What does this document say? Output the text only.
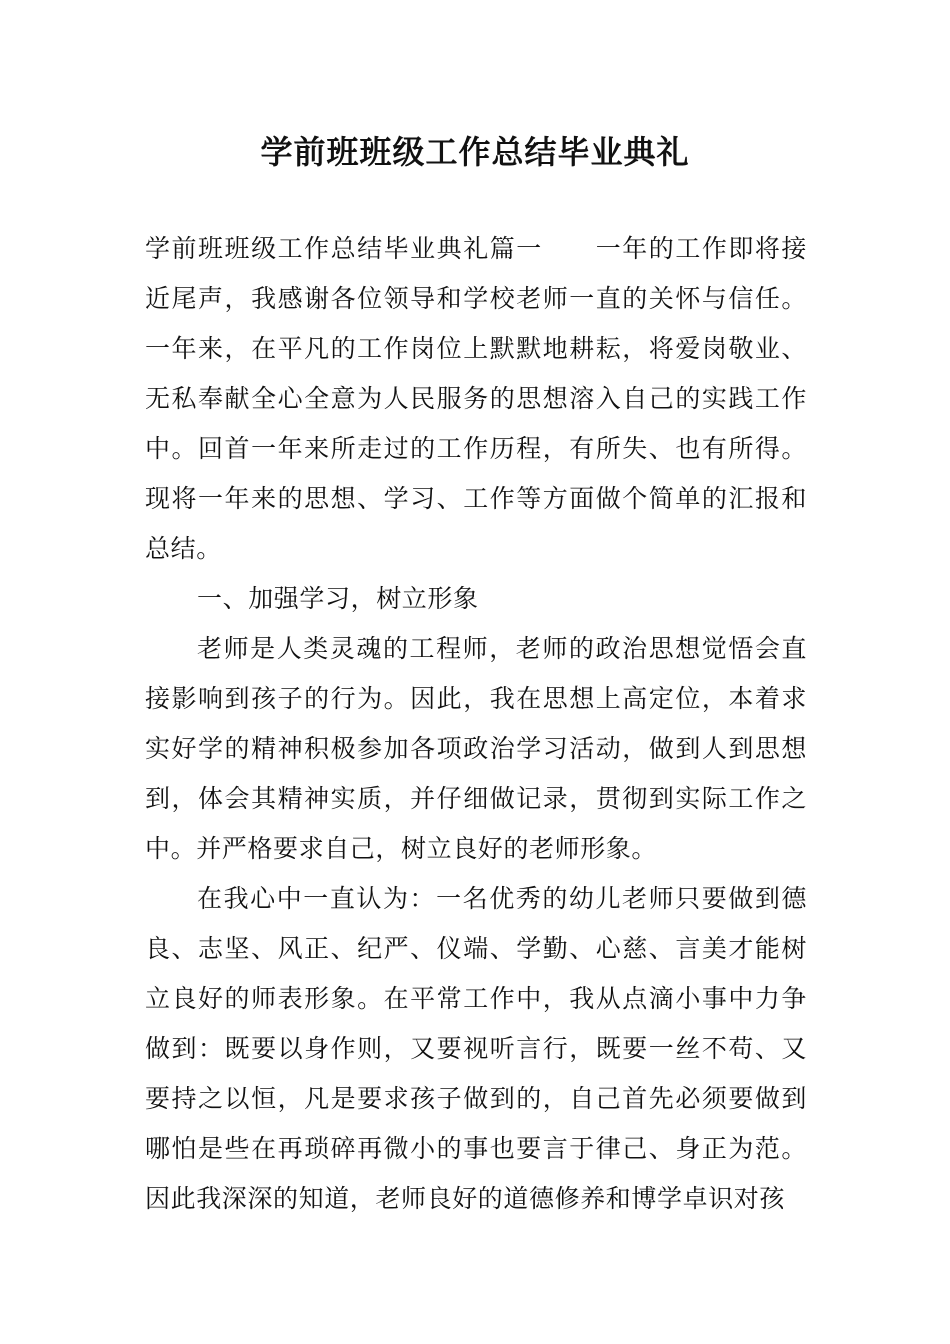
学前班班级工作总结毕业典礼

学前班班级工作总结毕业典礼篇一　　一年的工作即将接近尾声，我感谢各位领导和学校老师一直的关怀与信任。一年来，在平凡的工作岗位上默默地耕耘，将爱岗敬业、无私奉献全心全意为人民服务的思想溶入自己的实践工作中。回首一年来所走过的工作历程，有所失、也有所得。现将一年来的思想、学习、工作等方面做个简单的汇报和总结。

一、加强学习，树立形象

老师是人类灵魂的工程师，老师的政治思想觉悟会直接影响到孩子的行为。因此，我在思想上高定位，本着求实好学的精神积极参加各项政治学习活动，做到人到思想到，体会其精神实质，并仔细做记录，贯彻到实际工作之中。并严格要求自己，树立良好的老师形象。

在我心中一直认为：一名优秀的幼儿老师只要做到德良、志坚、风正、纪严、仪端、学勤、心慈、言美才能树立良好的师表形象。在平常工作中，我从点滴小事中力争做到：既要以身作则，又要视听言行，既要一丝不苟、又要持之以恒，凡是要求孩子做到的，自己首先必须要做到哪怕是些在再琐碎再微小的事也要言于律己、身正为范。因此我深深的知道，老师良好的道德修养和博学卓识对孩
